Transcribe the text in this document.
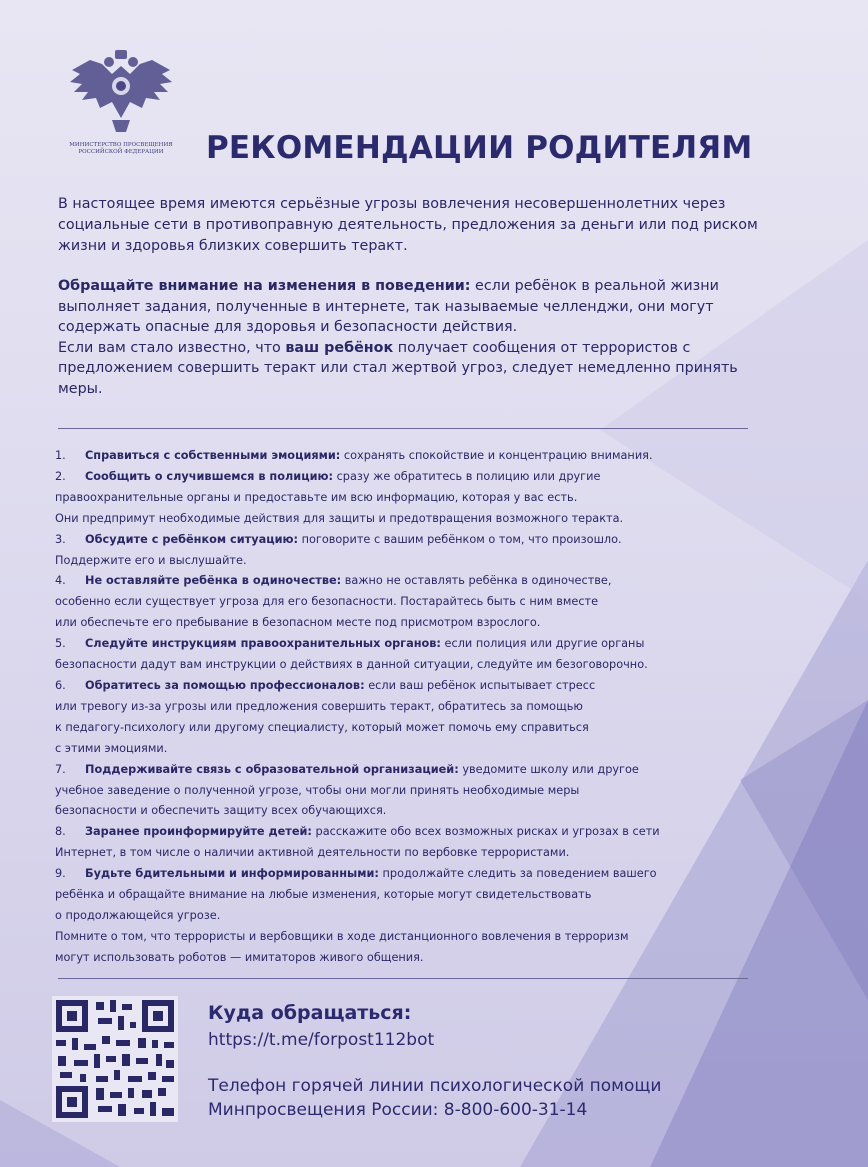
МИНИСТЕРСТВО ПРОСВЕЩЕНИЯ РОССИЙСКОЙ ФЕДЕРАЦИИ	РЕКОМЕНДАЦИИ РОДИТЕЛЯМ
В настоящее время имеются серьёзные угрозы вовлечения несовершеннолетних через социальные сети в противоправную деятельность, предложения за деньги или под риском жизни и здоровья близких совершить теракт.

Обращайте внимание на изменения в поведении: если ребёнок в реальной жизни выполняет задания, полученные в интернете, так называемые челленджи, они могут содержать опасные для здоровья и безопасности действия.

Если вам стало известно, что ваш ребёнок получает сообщения от террористов с предложением совершить теракт или стал жертвой угроз, следует немедленно принять меры.

1. Справиться с собственными эмоциями: сохранять спокойствие и концентрацию внимания.
2. Сообщить о случившемся в полицию: сразу же обратитесь в полицию или другие
правоохранительные органы и предоставьте им всю информацию, которая у вас есть.
Они предпримут необходимые действия для защиты и предотвращения возможного теракта.
3. Обсудите с ребёнком ситуацию: поговорите с вашим ребёнком о том, что произошло.
Поддержите его и выслушайте.
4. Не оставляйте ребёнка в одиночестве: важно не оставлять ребёнка в одиночестве,
особенно если существует угроза для его безопасности. Постарайтесь быть с ним вместе
или обеспечьте его пребывание в безопасном месте под присмотром взрослого.
5. Следуйте инструкциям правоохранительных органов: если полиция или другие органы
безопасности дадут вам инструкции о действиях в данной ситуации, следуйте им безоговорочно.
6. Обратитесь за помощью профессионалов: если ваш ребёнок испытывает стресс
или тревогу из-за угрозы или предложения совершить теракт, обратитесь за помощью
к педагогу-психологу или другому специалисту, который может помочь ему справиться
с этими эмоциями.
7. Поддерживайте связь с образовательной организацией: уведомите школу или другое
учебное заведение о полученной угрозе, чтобы они могли принять необходимые меры
безопасности и обеспечить защиту всех обучающихся.
8. Заранее проинформируйте детей: расскажите обо всех возможных рисках и угрозах в сети
Интернет, в том числе о наличии активной деятельности по вербовке террористами.
9. Будьте бдительными и информированными: продолжайте следить за поведением вашего
ребёнка и обращайте внимание на любые изменения, которые могут свидетельствовать
о продолжающейся угрозе.
Помните о том, что террористы и вербовщики в ходе дистанционного вовлечения в терроризм
могут использовать роботов — имитаторов живого общения.
Куда обращаться:
https://t.me/forpost112bot
Телефон горячей линии психологической помощи
Минпросвещения России: 8-800-600-31-14
